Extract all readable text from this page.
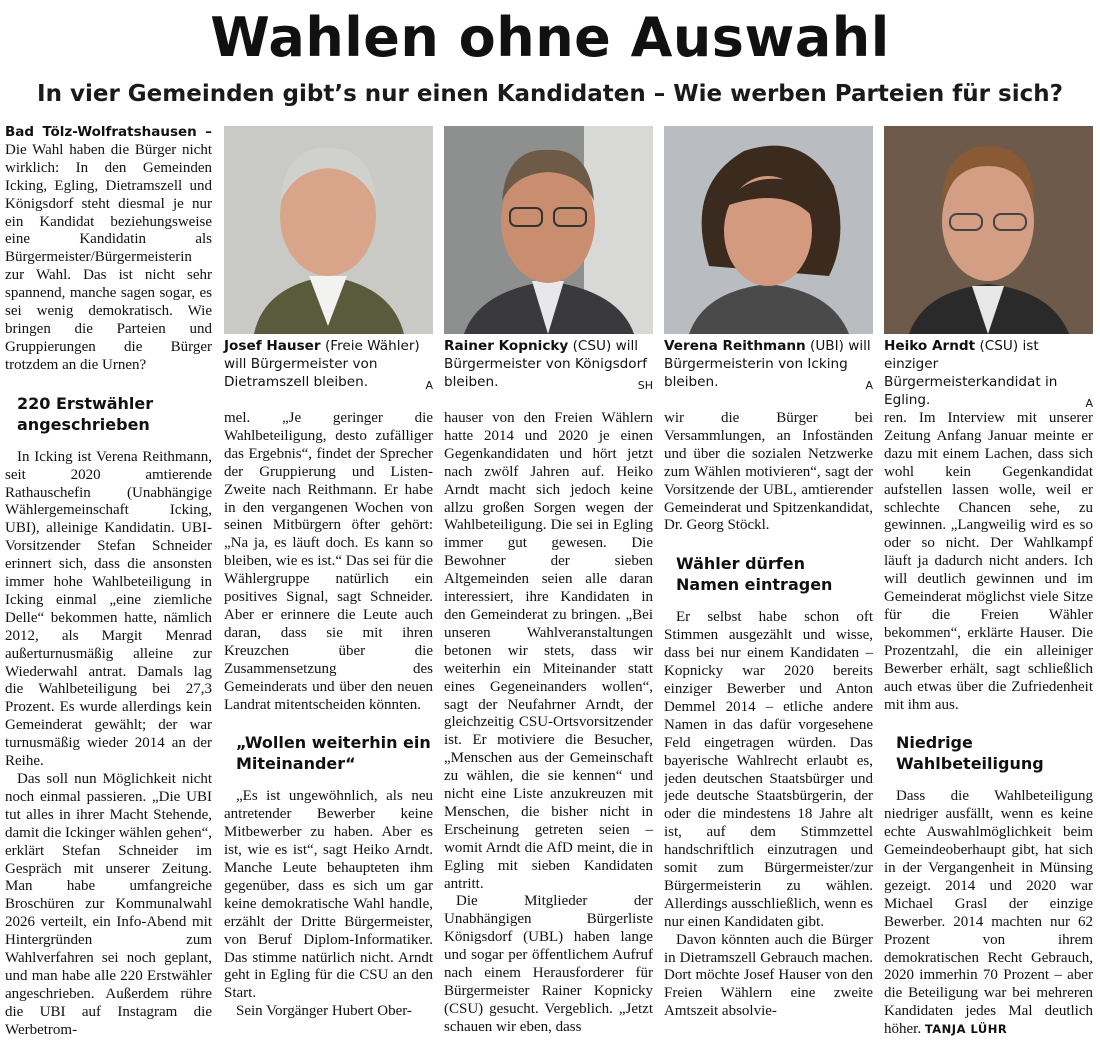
Wahlen ohne Auswahl
In vier Gemeinden gibt’s nur einen Kandidaten – Wie werben Parteien für sich?

Bad Tölz-Wolfratshausen – Die Wahl haben die Bürger nicht wirklich: In den Gemeinden Icking, Egling, Dietramszell und Königsdorf steht diesmal je nur ein Kandidat beziehungsweise eine Kandidatin als Bürgermeister/Bürgermeisterin zur Wahl. Das ist nicht sehr spannend, manche sagen sogar, es sei wenig demokratisch. Wie bringen die Parteien und Gruppierungen die Bürger trotzdem an die Urnen?

220 Erstwähler angeschrieben

In Icking ist Verena Reithmann, seit 2020 amtierende Rathauschefin (Unabhängige Wählergemeinschaft Icking, UBI), alleinige Kandidatin. UBI-Vorsitzender Stefan Schneider erinnert sich, dass die ansonsten immer hohe Wahlbeteiligung in Icking einmal „eine ziemliche Delle“ bekommen hatte, nämlich 2012, als Margit Menrad außerturnusmäßig alleine zur Wiederwahl antrat. Damals lag die Wahlbeteiligung bei 27,3 Prozent. Es wurde allerdings kein Gemeinderat gewählt; der war turnusmäßig wieder 2014 an der Reihe.

Das soll nun Möglichkeit nicht noch einmal passieren. „Die UBI tut alles in ihrer Macht Stehende, damit die Ickinger wählen gehen“, erklärt Stefan Schneider im Gespräch mit unserer Zeitung. Man habe umfangreiche Broschüren zur Kommunalwahl 2026 verteilt, ein Info-Abend mit Hintergründen zum Wahlverfahren sei noch geplant, und man habe alle 220 Erstwähler angeschrieben. Außerdem rühre die UBI auf Instagram die Werbetrom-

Josef Hauser (Freie Wähler) will Bürgermeister von Dietramszell bleiben.	A
Rainer Kopnicky (CSU) will Bürgermeister von Königsdorf bleiben.	SH
Verena Reithmann (UBI) will Bürgermeisterin von Icking bleiben.	A
Heiko Arndt (CSU) ist einziger Bürgermeisterkandidat in Egling.	A

mel. „Je geringer die Wahlbeteiligung, desto zufälliger das Ergebnis“, findet der Sprecher der Gruppierung und Listen-Zweite nach Reithmann. Er habe in den vergangenen Wochen von seinen Mitbürgern öfter gehört: „Na ja, es läuft doch. Es kann so bleiben, wie es ist.“ Das sei für die Wählergruppe natürlich ein positives Signal, sagt Schneider. Aber er erinnere die Leute auch daran, dass sie mit ihren Kreuzchen über die Zusammensetzung des Gemeinderats und über den neuen Landrat mitentscheiden könnten.

„Wollen weiterhin ein Miteinander“

„Es ist ungewöhnlich, als neu antretender Bewerber keine Mitbewerber zu haben. Aber es ist, wie es ist“, sagt Heiko Arndt. Manche Leute behaupteten ihm gegenüber, dass es sich um gar keine demokratische Wahl handle, erzählt der Dritte Bürgermeister, von Beruf Diplom-Informatiker. Das stimme natürlich nicht. Arndt geht in Egling für die CSU an den Start.

Sein Vorgänger Hubert Ober-

hauser von den Freien Wählern hatte 2014 und 2020 je einen Gegenkandidaten und hört jetzt nach zwölf Jahren auf. Heiko Arndt macht sich jedoch keine allzu großen Sorgen wegen der Wahlbeteiligung. Die sei in Egling immer gut gewesen. Die Bewohner der sieben Altgemeinden seien alle daran interessiert, ihre Kandidaten in den Gemeinderat zu bringen. „Bei unseren Wahlveranstaltungen betonen wir stets, dass wir weiterhin ein Miteinander statt eines Gegeneinanders wollen“, sagt der Neufahrner Arndt, der gleichzeitig CSU-Ortsvorsitzender ist. Er motiviere die Besucher, „Menschen aus der Gemeinschaft zu wählen, die sie kennen“ und nicht eine Liste anzukreuzen mit Menschen, die bisher nicht in Erscheinung getreten seien – womit Arndt die AfD meint, die in Egling mit sieben Kandidaten antritt.

Die Mitglieder der Unabhängigen Bürgerliste Königsdorf (UBL) haben lange und sogar per öffentlichem Aufruf nach einem Herausforderer für Bürgermeister Rainer Kopnicky (CSU) gesucht. Vergeblich. „Jetzt schauen wir eben, dass

wir die Bürger bei Versammlungen, an Infoständen und über die sozialen Netzwerke zum Wählen motivieren“, sagt der Vorsitzende der UBL, amtierender Gemeinderat und Spitzenkandidat, Dr. Georg Stöckl.

Wähler dürfen Namen eintragen

Er selbst habe schon oft Stimmen ausgezählt und wisse, dass bei nur einem Kandidaten – Kopnicky war 2020 bereits einziger Bewerber und Anton Demmel 2014 – etliche andere Namen in das dafür vorgesehene Feld eingetragen würden. Das bayerische Wahlrecht erlaubt es, jeden deutschen Staatsbürger und jede deutsche Staatsbürgerin, der oder die mindestens 18 Jahre alt ist, auf dem Stimmzettel handschriftlich einzutragen und somit zum Bürgermeister/zur Bürgermeisterin zu wählen. Allerdings ausschließlich, wenn es nur einen Kandidaten gibt.

Davon könnten auch die Bürger in Dietramszell Gebrauch machen. Dort möchte Josef Hauser von den Freien Wählern eine zweite Amtszeit absolvie-

ren. Im Interview mit unserer Zeitung Anfang Januar meinte er dazu mit einem Lachen, dass sich wohl kein Gegenkandidat aufstellen lassen wolle, weil er schlechte Chancen sehe, zu gewinnen. „Langweilig wird es so oder so nicht. Der Wahlkampf läuft ja dadurch nicht anders. Ich will deutlich gewinnen und im Gemeinderat möglichst viele Sitze für die Freien Wähler bekommen“, erklärte Hauser. Die Prozentzahl, die ein alleiniger Bewerber erhält, sagt schließlich auch etwas über die Zufriedenheit mit ihm aus.

Niedrige Wahlbeteiligung

Dass die Wahlbeteiligung niedriger ausfällt, wenn es keine echte Auswahlmöglichkeit beim Gemeindeoberhaupt gibt, hat sich in der Vergangenheit in Münsing gezeigt. 2014 und 2020 war Michael Grasl der einzige Bewerber. 2014 machten nur 62 Prozent von ihrem demokratischen Recht Gebrauch, 2020 immerhin 70 Prozent – aber die Beteiligung war bei mehreren Kandidaten jedes Mal deutlich höher. TANJA LÜHR
